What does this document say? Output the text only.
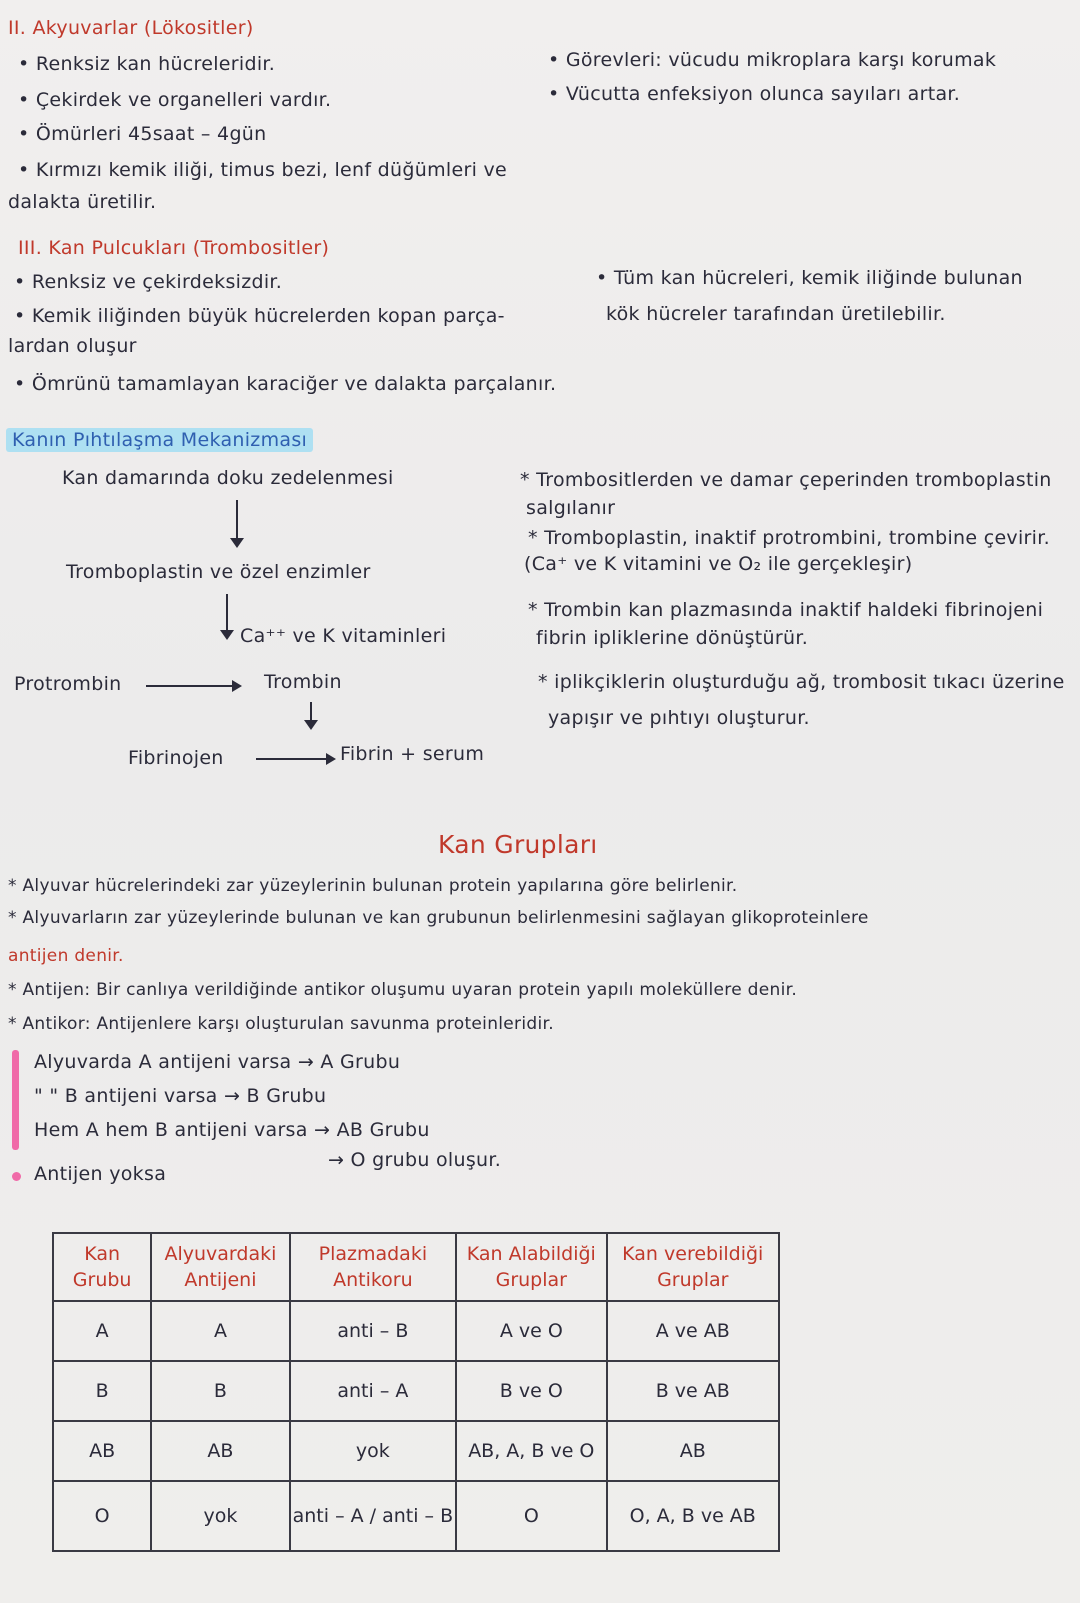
II. Akyuvarlar (Lökositler)
• Renksiz kan hücreleridir.
• Çekirdek ve organelleri vardır.
• Ömürleri 45saat – 4gün
• Kırmızı kemik iliği, timus bezi, lenf düğümleri ve
dalakta üretilir.
• Görevleri: vücudu mikroplara karşı korumak
• Vücutta enfeksiyon olunca sayıları artar.
III. Kan Pulcukları (Trombositler)
• Renksiz ve çekirdeksizdir.
• Kemik iliğinden büyük hücrelerden kopan parça-
lardan oluşur
• Ömrünü tamamlayan karaciğer ve dalakta parçalanır.
• Tüm kan hücreleri, kemik iliğinde bulunan
kök hücreler tarafından üretilebilir.
Kanın Pıhtılaşma Mekanizması
Kan damarında doku zedelenmesi
Tromboplastin ve özel enzimler
Ca⁺⁺ ve K vitaminleri
Protrombin	Trombin
Fibrinojen	Fibrin + serum
* Trombositlerden ve damar çeperinden tromboplastin
salgılanır
* Tromboplastin, inaktif protrombini, trombine çevirir.
(Ca⁺ ve K vitamini ve O₂ ile gerçekleşir)
* Trombin kan plazmasında inaktif haldeki fibrinojeni
fibrin ipliklerine dönüştürür.
* iplikçiklerin oluşturduğu ağ, trombosit tıkacı üzerine
yapışır ve pıhtıyı oluşturur.
Kan Grupları
* Alyuvar hücrelerindeki zar yüzeylerinin bulunan protein yapılarına göre belirlenir.
* Alyuvarların zar yüzeylerinde bulunan ve kan grubunun belirlenmesini sağlayan glikoproteinlere
antijen denir.
* Antijen: Bir canlıya verildiğinde antikor oluşumu uyaran protein yapılı moleküllere denir.
* Antikor: Antijenlere karşı oluşturulan savunma proteinleridir.
Alyuvarda A antijeni varsa → A Grubu
" " B antijeni varsa → B Grubu
Hem A hem B antijeni varsa → AB Grubu
→ O grubu oluşur.
Antijen yoksa
Kan Grubu	Alyuvardaki Antijeni	Plazmadaki Antikoru	Kan Alabildiği Gruplar	Kan verebildiği Gruplar
A	A	anti – B	A ve O	A ve AB
B	B	anti – A	B ve O	B ve AB
AB	AB	yok	AB, A, B ve O	AB
O	yok	anti – A / anti – B	O	O, A, B ve AB
